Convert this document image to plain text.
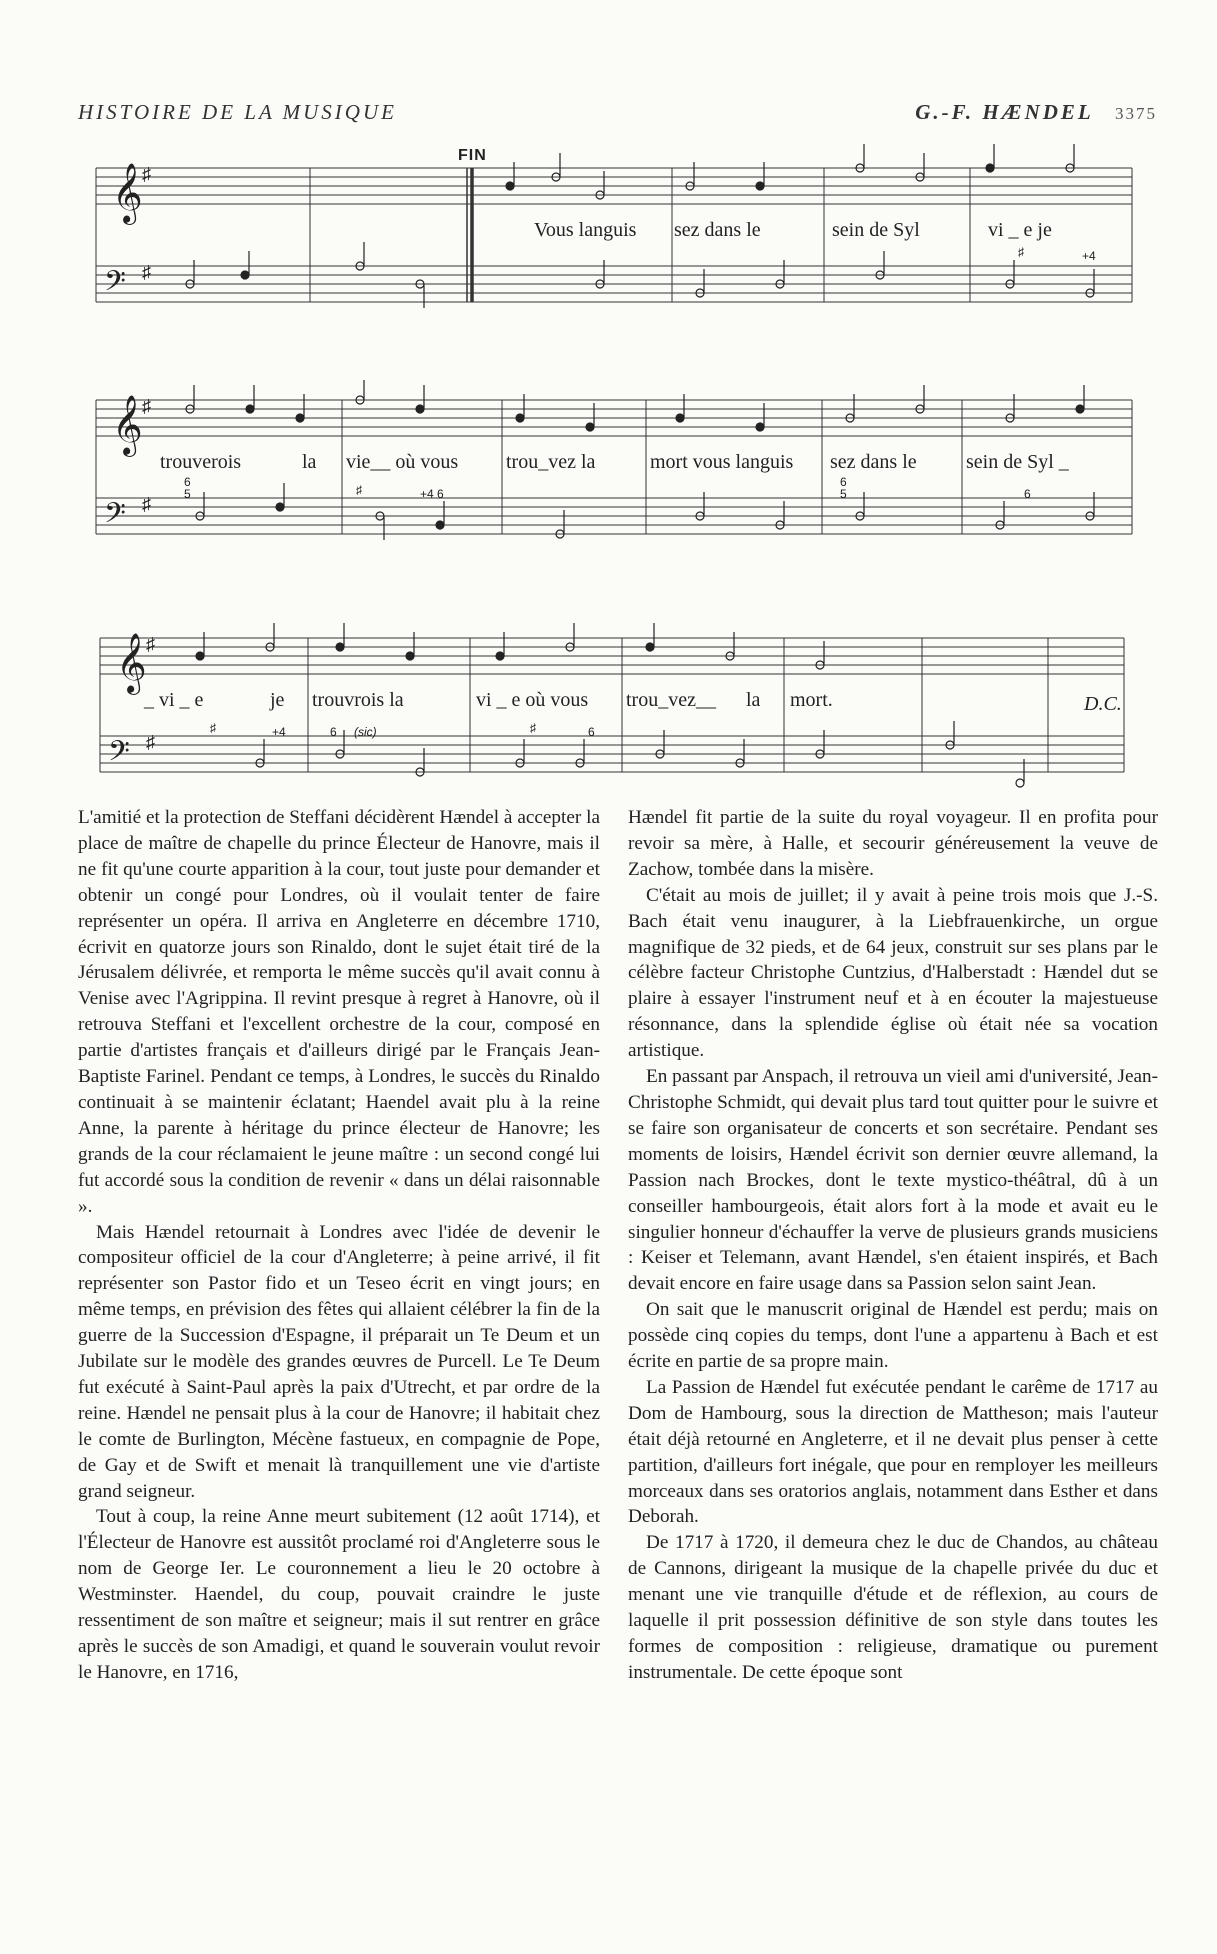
HISTOIRE DE LA MUSIQUE	G.-F. HÆNDEL 3375
FIN
𝄞
𝄢
♯
♯
Vous languis sez dans le	sein de Syl	vi _ e je
♯	+4
𝄞
𝄢
♯
♯
trouverois	la vie__ où vous trou_vez la	mort vous languis sez dans le sein de Syl _
6
5	♯	+4 6
6
5	6
𝄞
𝄢
♯
♯
_ vi _ e	je trouvrois la	vi _ e où vous trou_vez__ la mort.	D.C.
♯	+4	6 (sic)	♯	6

L'amitié et la protection de Steffani décidèrent Hændel à accepter la place de maître de chapelle du prince Électeur de Hanovre, mais il ne fit qu'une courte apparition à la cour, tout juste pour demander et obtenir un congé pour Londres, où il voulait tenter de faire représenter un opéra. Il arriva en Angleterre en décembre 1710, écrivit en quatorze jours son Rinaldo, dont le sujet était tiré de la Jérusalem délivrée, et remporta le même succès qu'il avait connu à Venise avec l'Agrippina. Il revint presque à regret à Hanovre, où il retrouva Steffani et l'excellent orchestre de la cour, composé en partie d'artistes français et d'ailleurs dirigé par le Français Jean-Baptiste Farinel. Pendant ce temps, à Londres, le succès du Rinaldo continuait à se maintenir éclatant; Haendel avait plu à la reine Anne, la parente à héritage du prince électeur de Hanovre; les grands de la cour réclamaient le jeune maître : un second congé lui fut accordé sous la condition de revenir « dans un délai raisonnable ».

Mais Hændel retournait à Londres avec l'idée de devenir le compositeur officiel de la cour d'Angleterre; à peine arrivé, il fit représenter son Pastor fido et un Teseo écrit en vingt jours; en même temps, en prévision des fêtes qui allaient célébrer la fin de la guerre de la Succession d'Espagne, il préparait un Te Deum et un Jubilate sur le modèle des grandes œuvres de Purcell. Le Te Deum fut exécuté à Saint-Paul après la paix d'Utrecht, et par ordre de la reine. Hændel ne pensait plus à la cour de Hanovre; il habitait chez le comte de Burlington, Mécène fastueux, en compagnie de Pope, de Gay et de Swift et menait là tranquillement une vie d'artiste grand seigneur.

Tout à coup, la reine Anne meurt subitement (12 août 1714), et l'Électeur de Hanovre est aussitôt proclamé roi d'Angleterre sous le nom de George Ier. Le couronnement a lieu le 20 octobre à Westminster. Haendel, du coup, pouvait craindre le juste ressentiment de son maître et seigneur; mais il sut rentrer en grâce après le succès de son Amadigi, et quand le souverain voulut revoir le Hanovre, en 1716,

Hændel fit partie de la suite du royal voyageur. Il en profita pour revoir sa mère, à Halle, et secourir généreusement la veuve de Zachow, tombée dans la misère.

C'était au mois de juillet; il y avait à peine trois mois que J.-S. Bach était venu inaugurer, à la Liebfrauenkirche, un orgue magnifique de 32 pieds, et de 64 jeux, construit sur ses plans par le célèbre facteur Christophe Cuntzius, d'Halberstadt : Hændel dut se plaire à essayer l'instrument neuf et à en écouter la majestueuse résonnance, dans la splendide église où était née sa vocation artistique.

En passant par Anspach, il retrouva un vieil ami d'université, Jean-Christophe Schmidt, qui devait plus tard tout quitter pour le suivre et se faire son organisateur de concerts et son secrétaire. Pendant ses moments de loisirs, Hændel écrivit son dernier œuvre allemand, la Passion nach Brockes, dont le texte mystico-théâtral, dû à un conseiller hambourgeois, était alors fort à la mode et avait eu le singulier honneur d'échauffer la verve de plusieurs grands musiciens : Keiser et Telemann, avant Hændel, s'en étaient inspirés, et Bach devait encore en faire usage dans sa Passion selon saint Jean.

On sait que le manuscrit original de Hændel est perdu; mais on possède cinq copies du temps, dont l'une a appartenu à Bach et est écrite en partie de sa propre main.

La Passion de Hændel fut exécutée pendant le carême de 1717 au Dom de Hambourg, sous la direction de Mattheson; mais l'auteur était déjà retourné en Angleterre, et il ne devait plus penser à cette partition, d'ailleurs fort inégale, que pour en remployer les meilleurs morceaux dans ses oratorios anglais, notamment dans Esther et dans Deborah.

De 1717 à 1720, il demeura chez le duc de Chandos, au château de Cannons, dirigeant la musique de la chapelle privée du duc et menant une vie tranquille d'étude et de réflexion, au cours de laquelle il prit possession définitive de son style dans toutes les formes de composition : religieuse, dramatique ou purement instrumentale. De cette époque sont
